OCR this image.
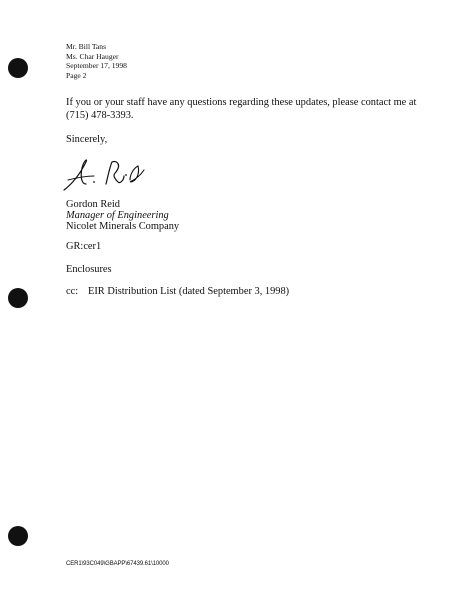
Mr. Bill Tans
Ms. Char Hauger
September 17, 1998
Page 2
If you or your staff have any questions regarding these updates, please contact me at
(715) 478-3393.
Sincerely,
Gordon Reid
Manager of Engineering
Nicolet Minerals Company
GR:cer1
Enclosures
cc: EIR Distribution List (dated September 3, 1998)
CER1\93C049\GBAPP\67439.61\10000
